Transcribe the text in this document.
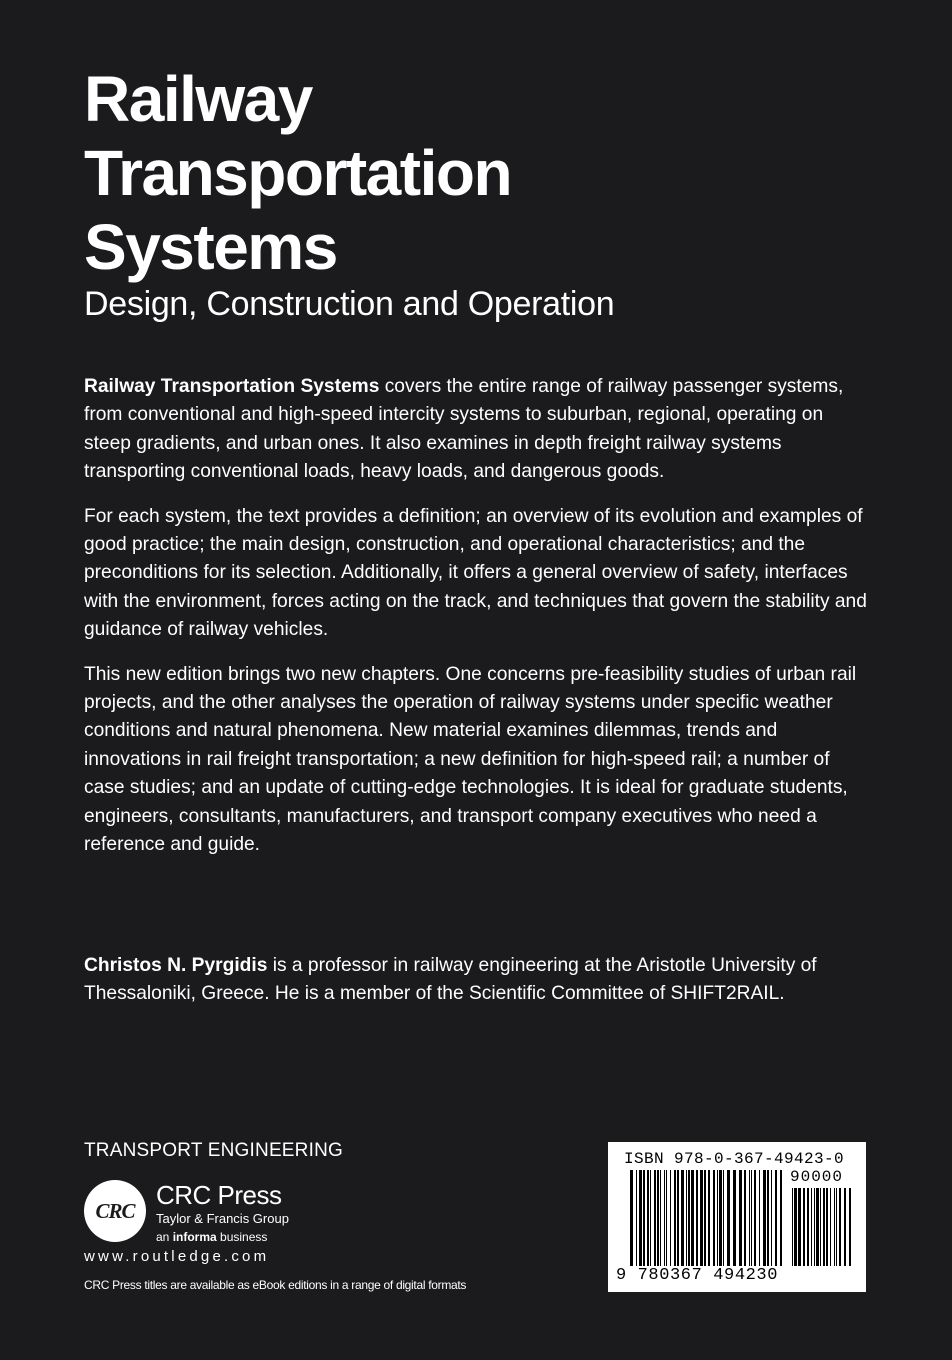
Railway
Transportation
Systems
Design, Construction and Operation

Railway Transportation Systems covers the entire range of railway passenger systems, from conventional and high-speed intercity systems to suburban, regional, operating on steep gradients, and urban ones. It also examines in depth freight railway systems transporting conventional loads, heavy loads, and dangerous goods.

For each system, the text provides a definition; an overview of its evolution and examples of good practice; the main design, construction, and operational characteristics; and the preconditions for its selection. Additionally, it offers a general overview of safety, interfaces with the environment, forces acting on the track, and techniques that govern the stability and guidance of railway vehicles.

This new edition brings two new chapters. One concerns pre-feasibility studies of urban rail projects, and the other analyses the operation of railway systems under specific weather conditions and natural phenomena. New material examines dilemmas, trends and innovations in rail freight transportation; a new definition for high-speed rail; a number of case studies; and an update of cutting-edge technologies. It is ideal for graduate students, engineers, consultants, manufacturers, and transport company executives who need a reference and guide.

Christos N. Pyrgidis is a professor in railway engineering at the Aristotle University of Thessaloniki, Greece. He is a member of the Scientific Committee of SHIFT2RAIL.
TRANSPORT ENGINEERING
CRC
CRC Press
Taylor & Francis Group
an informa business
www.routledge.com
CRC Press titles are available as eBook editions in a range of digital formats
ISBN 978-0-367-49423-0
90000
9 780367 494230
